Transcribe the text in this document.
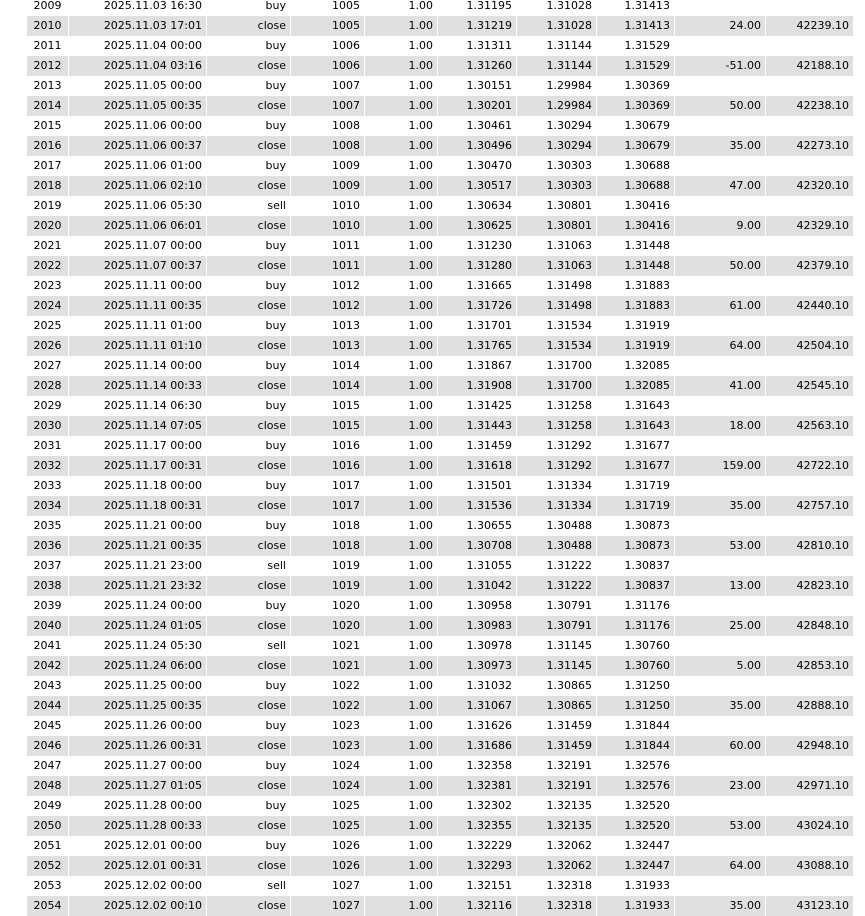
2009	2025.11.03 16:30	buy	1005	1.00	1.31195	1.31028	1.31413		
2010	2025.11.03 17:01	close	1005	1.00	1.31219	1.31028	1.31413	24.00	42239.10
2011	2025.11.04 00:00	buy	1006	1.00	1.31311	1.31144	1.31529		
2012	2025.11.04 03:16	close	1006	1.00	1.31260	1.31144	1.31529	-51.00	42188.10
2013	2025.11.05 00:00	buy	1007	1.00	1.30151	1.29984	1.30369		
2014	2025.11.05 00:35	close	1007	1.00	1.30201	1.29984	1.30369	50.00	42238.10
2015	2025.11.06 00:00	buy	1008	1.00	1.30461	1.30294	1.30679		
2016	2025.11.06 00:37	close	1008	1.00	1.30496	1.30294	1.30679	35.00	42273.10
2017	2025.11.06 01:00	buy	1009	1.00	1.30470	1.30303	1.30688		
2018	2025.11.06 02:10	close	1009	1.00	1.30517	1.30303	1.30688	47.00	42320.10
2019	2025.11.06 05:30	sell	1010	1.00	1.30634	1.30801	1.30416		
2020	2025.11.06 06:01	close	1010	1.00	1.30625	1.30801	1.30416	9.00	42329.10
2021	2025.11.07 00:00	buy	1011	1.00	1.31230	1.31063	1.31448		
2022	2025.11.07 00:37	close	1011	1.00	1.31280	1.31063	1.31448	50.00	42379.10
2023	2025.11.11 00:00	buy	1012	1.00	1.31665	1.31498	1.31883		
2024	2025.11.11 00:35	close	1012	1.00	1.31726	1.31498	1.31883	61.00	42440.10
2025	2025.11.11 01:00	buy	1013	1.00	1.31701	1.31534	1.31919		
2026	2025.11.11 01:10	close	1013	1.00	1.31765	1.31534	1.31919	64.00	42504.10
2027	2025.11.14 00:00	buy	1014	1.00	1.31867	1.31700	1.32085		
2028	2025.11.14 00:33	close	1014	1.00	1.31908	1.31700	1.32085	41.00	42545.10
2029	2025.11.14 06:30	buy	1015	1.00	1.31425	1.31258	1.31643		
2030	2025.11.14 07:05	close	1015	1.00	1.31443	1.31258	1.31643	18.00	42563.10
2031	2025.11.17 00:00	buy	1016	1.00	1.31459	1.31292	1.31677		
2032	2025.11.17 00:31	close	1016	1.00	1.31618	1.31292	1.31677	159.00	42722.10
2033	2025.11.18 00:00	buy	1017	1.00	1.31501	1.31334	1.31719		
2034	2025.11.18 00:31	close	1017	1.00	1.31536	1.31334	1.31719	35.00	42757.10
2035	2025.11.21 00:00	buy	1018	1.00	1.30655	1.30488	1.30873		
2036	2025.11.21 00:35	close	1018	1.00	1.30708	1.30488	1.30873	53.00	42810.10
2037	2025.11.21 23:00	sell	1019	1.00	1.31055	1.31222	1.30837		
2038	2025.11.21 23:32	close	1019	1.00	1.31042	1.31222	1.30837	13.00	42823.10
2039	2025.11.24 00:00	buy	1020	1.00	1.30958	1.30791	1.31176		
2040	2025.11.24 01:05	close	1020	1.00	1.30983	1.30791	1.31176	25.00	42848.10
2041	2025.11.24 05:30	sell	1021	1.00	1.30978	1.31145	1.30760		
2042	2025.11.24 06:00	close	1021	1.00	1.30973	1.31145	1.30760	5.00	42853.10
2043	2025.11.25 00:00	buy	1022	1.00	1.31032	1.30865	1.31250		
2044	2025.11.25 00:35	close	1022	1.00	1.31067	1.30865	1.31250	35.00	42888.10
2045	2025.11.26 00:00	buy	1023	1.00	1.31626	1.31459	1.31844		
2046	2025.11.26 00:31	close	1023	1.00	1.31686	1.31459	1.31844	60.00	42948.10
2047	2025.11.27 00:00	buy	1024	1.00	1.32358	1.32191	1.32576		
2048	2025.11.27 01:05	close	1024	1.00	1.32381	1.32191	1.32576	23.00	42971.10
2049	2025.11.28 00:00	buy	1025	1.00	1.32302	1.32135	1.32520		
2050	2025.11.28 00:33	close	1025	1.00	1.32355	1.32135	1.32520	53.00	43024.10
2051	2025.12.01 00:00	buy	1026	1.00	1.32229	1.32062	1.32447		
2052	2025.12.01 00:31	close	1026	1.00	1.32293	1.32062	1.32447	64.00	43088.10
2053	2025.12.02 00:00	sell	1027	1.00	1.32151	1.32318	1.31933		
2054	2025.12.02 00:10	close	1027	1.00	1.32116	1.32318	1.31933	35.00	43123.10
